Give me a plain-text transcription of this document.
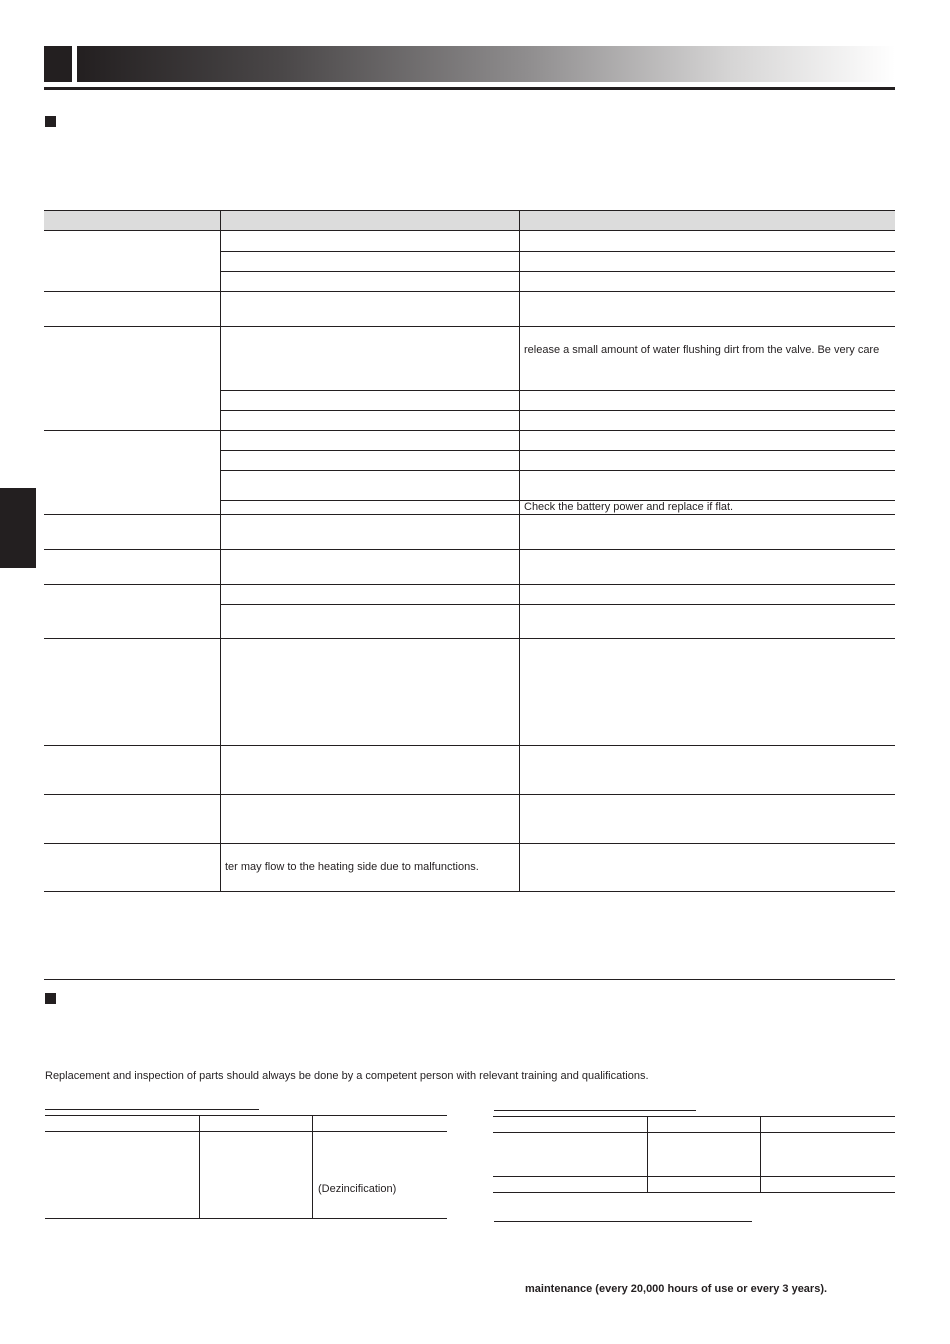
release a small amount of water flushing dirt from the valve. Be very care
Check the battery power and replace if flat.
ter may flow to the heating side due to malfunctions.
Replacement and inspection of parts should always be done by a competent person with relevant training and qualifications.
(Dezincification)
maintenance (every 20,000 hours of use or every 3 years).
